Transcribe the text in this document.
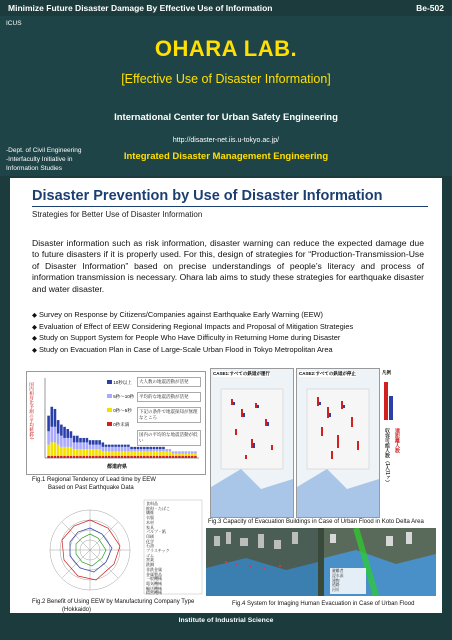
Minimize Future Disaster Damage By Effective Use of Information	Be-502
ICUS
OHARA LAB.
[Effective Use of Disaster Information]
International Center for Urban Safety Engineering
http://disaster-net.iis.u-tokyo.ac.jp/
-Dept. of Civil Engineering
-Interfaculty Initiative in
Information Studies
Integrated Disaster Management Engineering
Disaster Prevention by Use of Disaster Information
Strategies for Better Use of Disaster Information
Disaster information such as risk information, disaster warning can reduce the expected damage due to future disasters if it is properly used. For this, design of strategies for “Production-Transmission-Use of Disaster Information” based on precise understandings of people’s literacy and process of information transmission is necessary. Ohara lab aims to study these strategies for earthquake disaster and water disaster.
◆ Survey on Response by Citizens/Companies against Earthquake Early Warning (EEW)
◆ Evaluation of Effect of EEW Considering Regional Impacts and Proposal of Mitigation Strategies
◆ Study on Support System for People Who Have Difficulty in Returning Home during Disaster
◆ Study on Evacuation Plan in Case of Large-Scale Urban Flood in Tokyo Metropolitan Area
国内相対比予測の平均値(秒)
都道府県
大人数の地震活動が活発
平均的な地震活動が活発
下記の条件で地震探知が無理なところ
国内の平均的な地震活動が低い
10秒以上
5秒〜10秒
0秒〜5秒
0秒未満
Fig.1 Regional Tendency of Lead time by EEW
Based on Past Earthquake Data
食料品
飲料・たばこ
繊維
衣服
木材
家具
パルプ・紙
印刷
化学
石油
プラスチック
ゴム
窯業
鉄鋼
非鉄金属
金属製品
一般機械
電気機械
輸送機械
精密機械
Fig.2 Benefit of Using EEW by Manufacturing Company Type
(Hokkaido)
CASE1:すべての鉄道が運行	CASE2:すべての鉄道が停止	凡例
収容可能人数（1人/1ァ） 遠距離人数
Fig.3 Capacity of Evacuation Buildings in Case of Urban Flood in Koto Delta Area
避難者
浸水深
建物
道路
河川
Fig.4 System for Imaging Human Evacuation in Case of Urban Flood
Institute of Industrial Science
